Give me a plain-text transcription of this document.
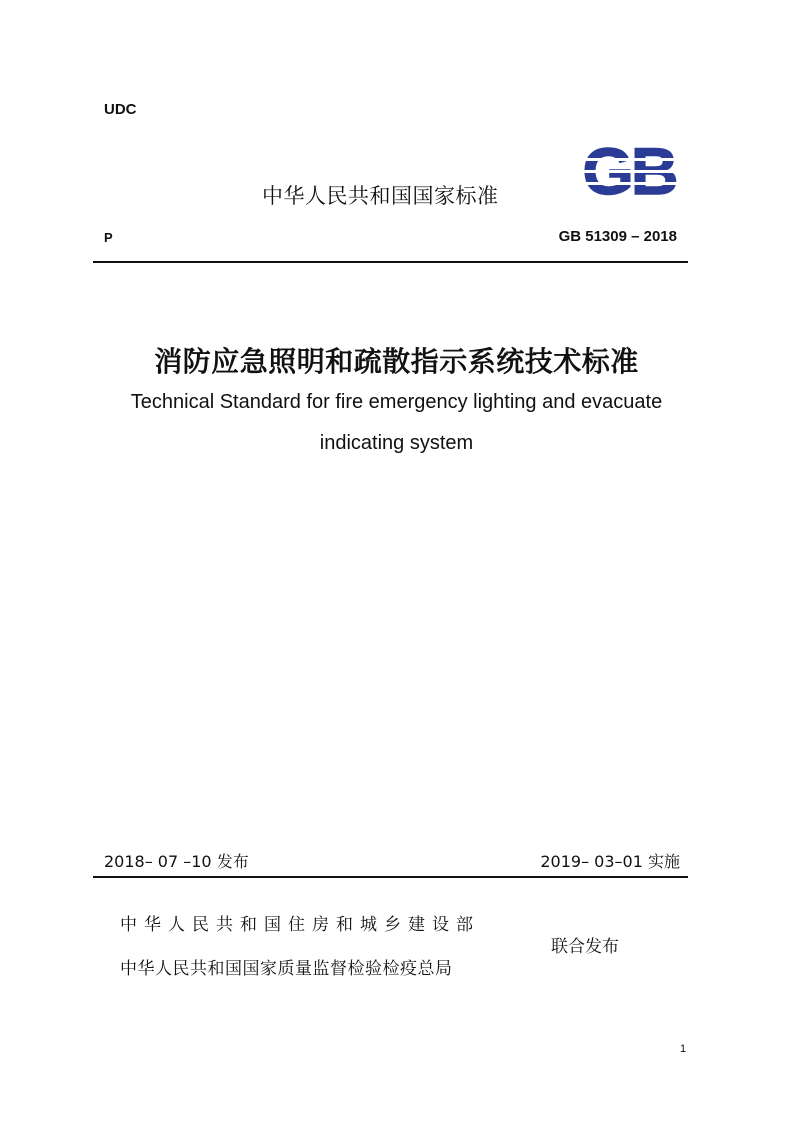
UDC
中华人民共和国国家标准
P	GB 51309 – 2018
消防应急照明和疏散指示系统技术标准
Technical Standard for fire emergency lighting and evacuate
indicating system
2018– 07 –10 发布	2019– 03–01 实施
中华人民共和国住房和城乡建设部
中华人民共和国国家质量监督检验检疫总局
联合发布
1
